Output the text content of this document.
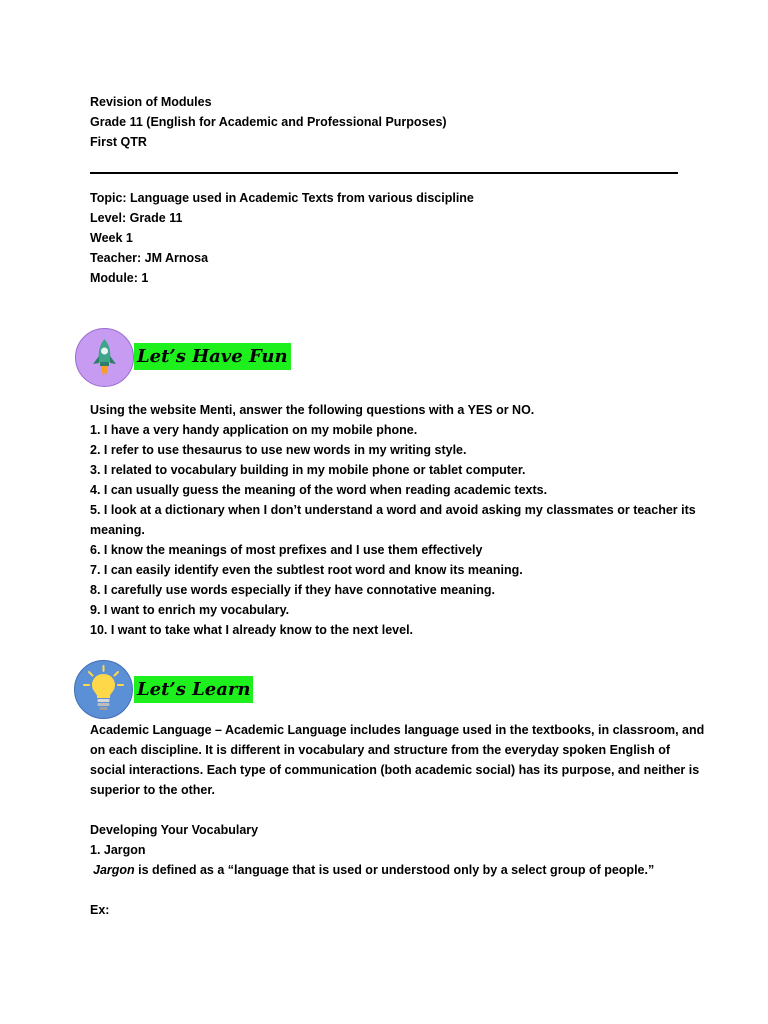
Revision of Modules
Grade 11 (English for Academic and Professional Purposes)
First QTR
Topic: Language used in Academic Texts from various discipline
Level: Grade 11
Week 1
Teacher: JM Arnosa
Module: 1
Let’s Have Fun
Using the website Menti, answer the following questions with a YES or NO.
1. I have a very handy application on my mobile phone.
2. I refer to use thesaurus to use new words in my writing style.
3. I related to vocabulary building in my mobile phone or tablet computer.
4. I can usually guess the meaning of the word when reading academic texts.
5. I look at a dictionary when I don’t understand a word and avoid asking my classmates or teacher its
meaning.
6. I know the meanings of most prefixes and I use them effectively
7. I can easily identify even the subtlest root word and know its meaning.
8. I carefully use words especially if they have connotative meaning.
9. I want to enrich my vocabulary.
10. I want to take what I already know to the next level.
Let’s Learn
Academic Language – Academic Language includes language used in the textbooks, in classroom, and
on each discipline. It is different in vocabulary and structure from the everyday spoken English of
social interactions. Each type of communication (both academic social) has its purpose, and neither is
superior to the other.
Developing Your Vocabulary
1. Jargon
Jargon is defined as a “language that is used or understood only by a select group of people.”
Ex:
